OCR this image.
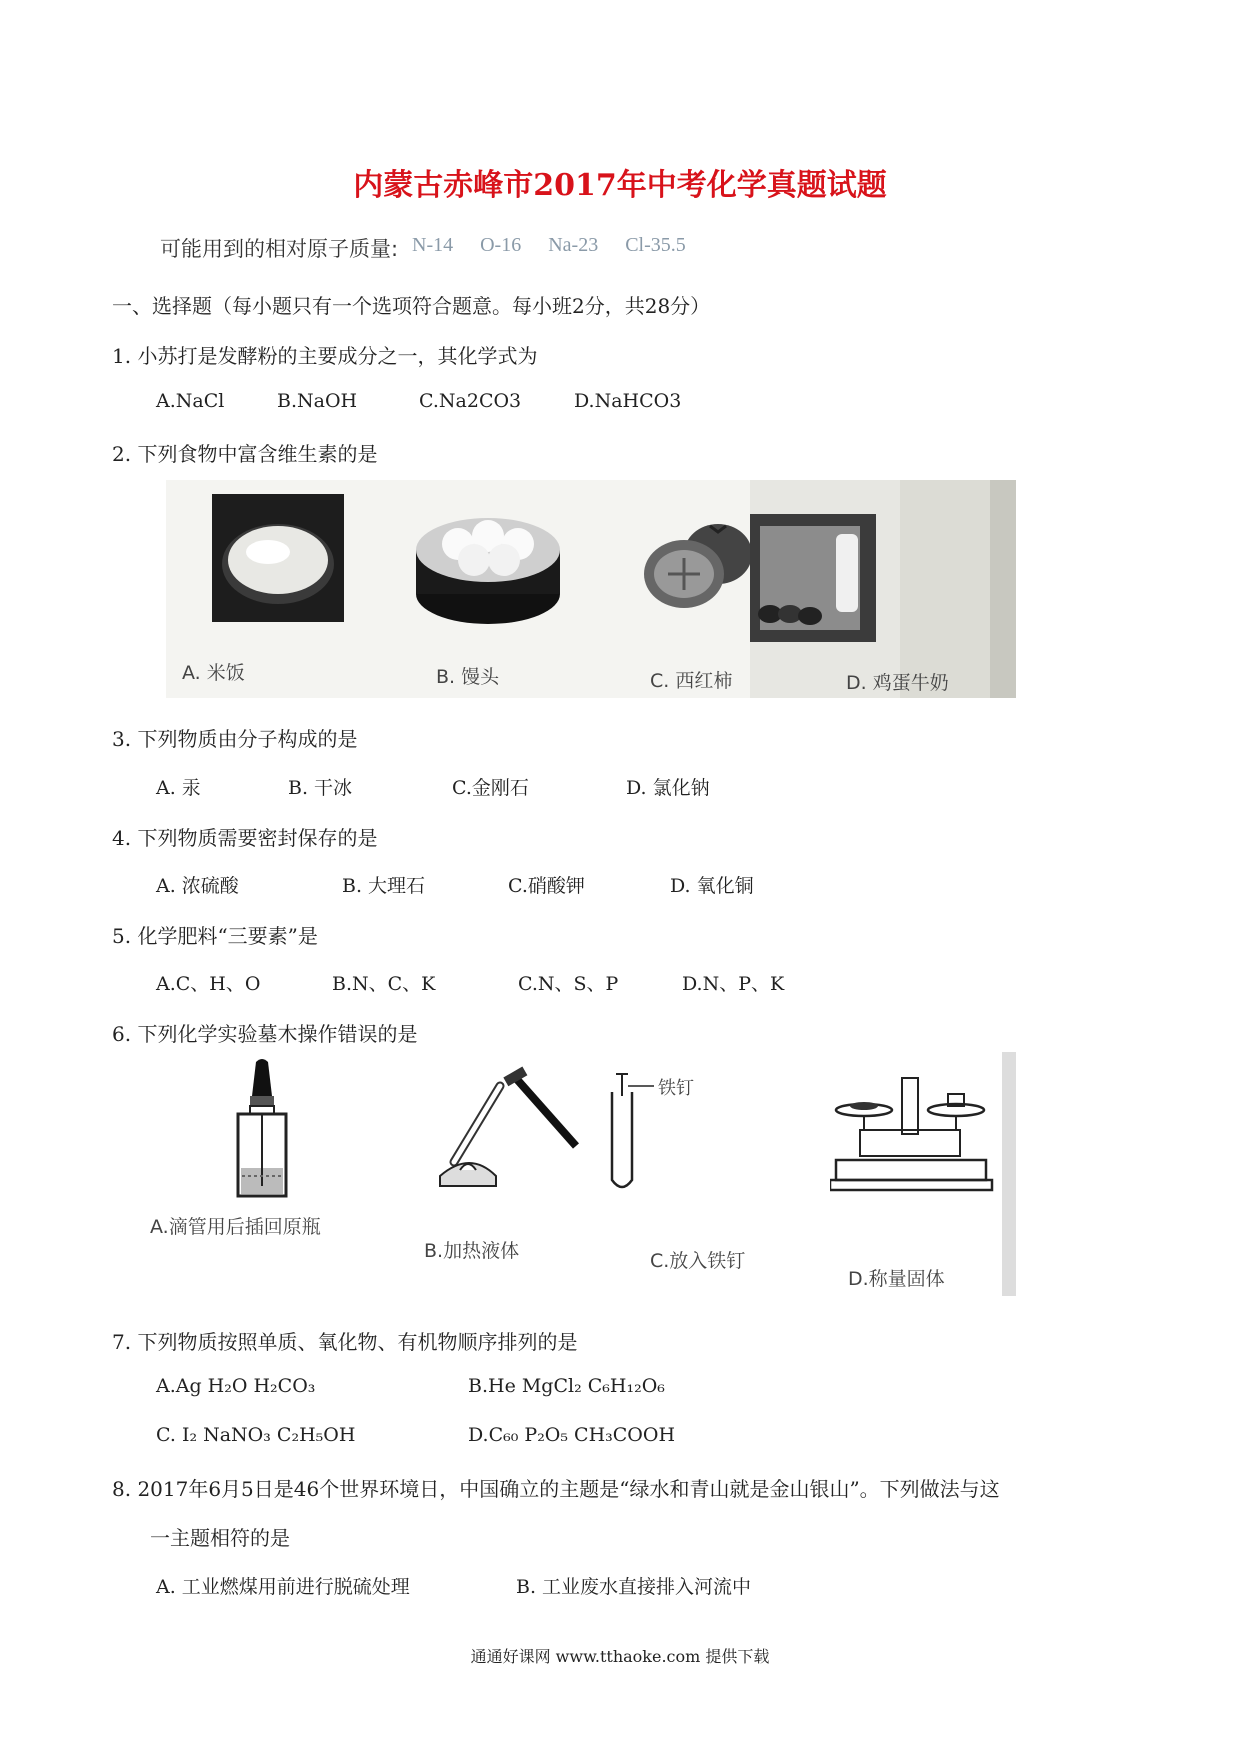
内蒙古赤峰市2017年中考化学真题试题
可能用到的相对原子质量: N-14 O-16 Na-23 Cl-35.5
一、选择题（每小题只有一个选项符合题意。每小班2分，共28分）
1. 小苏打是发酵粉的主要成分之一，其化学式为
A.NaCl	B.NaOH	C.Na2CO3	D.NaHCO3
2. 下列食物中富含维生素的是
A. 米饭	B. 馒头	C. 西红柿	D. 鸡蛋牛奶
3. 下列物质由分子构成的是
A. 汞	B. 干冰	C.金刚石	D. 氯化钠
4. 下列物质需要密封保存的是
A. 浓硫酸	B. 大理石	C.硝酸钾	D. 氧化铜
5. 化学肥料“三要素”是
A.C、H、O	B.N、C、K	C.N、S、P	D.N、P、K
6. 下列化学实验墓木操作错误的是
铁钉
A.滴管用后插回原瓶
B.加热液体	C.放入铁钉
D.称量固体
7. 下列物质按照单质、氧化物、有机物顺序排列的是
A.Ag H₂O H₂CO₃	B.He MgCl₂ C₆H₁₂O₆
C. I₂ NaNO₃ C₂H₅OH	D.C₆₀ P₂O₅ CH₃COOH
8. 2017年6月5日是46个世界环境日，中国确立的主题是“绿水和青山就是金山银山”。下列做法与这
一主题相符的是
A. 工业燃煤用前进行脱硫处理	B. 工业废水直接排入河流中
通通好课网 www.tthaoke.com 提供下载
